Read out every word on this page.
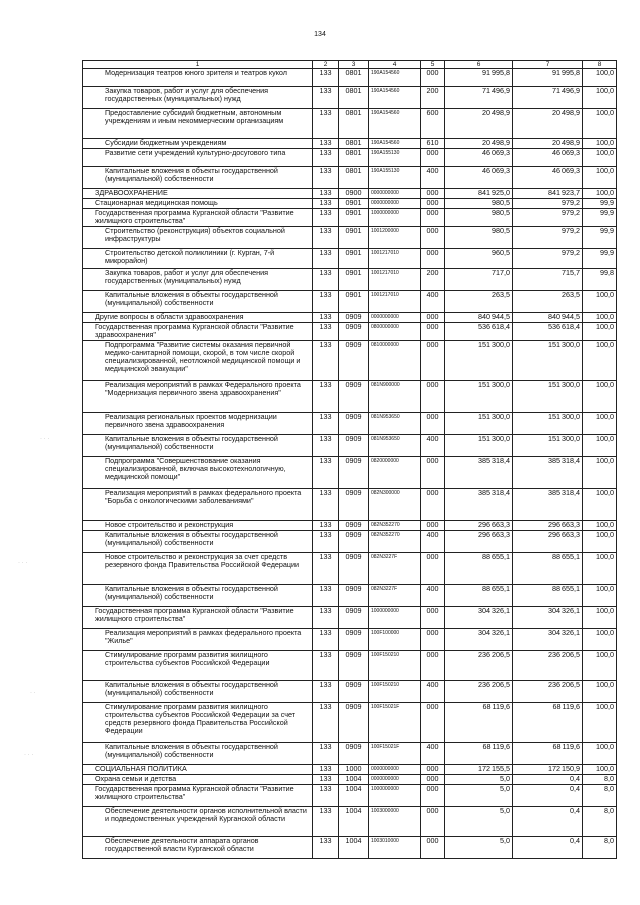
134
· · ·
· · ·
· ·
· · ·
1	2	3	4	5	6	7	8
Модернизация театров юного зрителя и театров кукол	133	0801	190A154560	000	91 995,8	91 995,8	100,0
Закупка товаров, работ и услуг для обеспечения государственных (муниципальных) нужд	133	0801	190A154560	200	71 496,9	71 496,9	100,0
Предоставление субсидий бюджетным, автономным учреждениям и иным некоммерческим организациям	133	0801	190A154560	600	20 498,9	20 498,9	100,0
Субсидии бюджетным учреждениям	133	0801	190A154560	610	20 498,9	20 498,9	100,0
Развитие сети учреждений культурно-досугового типа	133	0801	190A155130	000	46 069,3	46 069,3	100,0
Капитальные вложения в объекты государственной (муниципальной) собственности	133	0801	190A155130	400	46 069,3	46 069,3	100,0
ЗДРАВООХРАНЕНИЕ	133	0900	0000000000	000	841 925,0	841 923,7	100,0
Стационарная медицинская помощь	133	0901	0000000000	000	980,5	979,2	99,9
Государственная программа Курганской области "Развитие жилищного строительства"	133	0901	1000000000	000	980,5	979,2	99,9
Строительство (реконструкция) объектов социальной инфраструктуры	133	0901	1001200000	000	980,5	979,2	99,9
Строительство детской поликлиники (г. Курган, 7-й микрорайон)	133	0901	1001217010	000	960,5	979,2	99,9
Закупка товаров, работ и услуг для обеспечения государственных (муниципальных) нужд	133	0901	1001217010	200	717,0	715,7	99,8
Капитальные вложения в объекты государственной (муниципальной) собственности	133	0901	1001217010	400	263,5	263,5	100,0
Другие вопросы в области здравоохранения	133	0909	0000000000	000	840 944,5	840 944,5	100,0
Государственная программа Курганской области "Развитие здравоохранения"	133	0909	0800000000	000	536 618,4	536 618,4	100,0
Подпрограмма "Развитие системы оказания первичной медико-санитарной помощи, скорой, в том числе скорой специализированной, неотложной медицинской помощи и медицинской эвакуации"	133	0909	0810000000	000	151 300,0	151 300,0	100,0
Реализация мероприятий в рамках Федерального проекта "Модернизация первичного звена здравоохранения"	133	0909	081N900000	000	151 300,0	151 300,0	100,0
Реализация региональных проектов модернизации первичного звена здравоохранения	133	0909	081N953650	000	151 300,0	151 300,0	100,0
Капитальные вложения в объекты государственной (муниципальной) собственности	133	0909	081N953650	400	151 300,0	151 300,0	100,0
Подпрограмма "Совершенствование оказания специализированной, включая высокотехнологичную, медицинской помощи"	133	0909	0820000000	000	385 318,4	385 318,4	100,0
Реализация мероприятий в рамках федерального проекта "Борьба с онкологическими заболеваниями"	133	0909	082N300000	000	385 318,4	385 318,4	100,0
Новое строительство и реконструкция	133	0909	082N352270	000	296 663,3	296 663,3	100,0
Капитальные вложения в объекты государственной (муниципальной) собственности	133	0909	082N352270	400	296 663,3	296 663,3	100,0
Новое строительство и реконструкция за счет средств резервного фонда Правительства Российской Федерации	133	0909	082N3227F	000	88 655,1	88 655,1	100,0
Капитальные вложения в объекты государственной (муниципальной) собственности	133	0909	082N3227F	400	88 655,1	88 655,1	100,0
Государственная программа Курганской области "Развитие жилищного строительства"	133	0909	1000000000	000	304 326,1	304 326,1	100,0
Реализация мероприятий в рамках федерального проекта "Жилье"	133	0909	100F100000	000	304 326,1	304 326,1	100,0
Стимулирование программ развития жилищного строительства субъектов Российской Федерации	133	0909	100F150210	000	236 206,5	236 206,5	100,0
Капитальные вложения в объекты государственной (муниципальной) собственности	133	0909	100F150210	400	236 206,5	236 206,5	100,0
Стимулирование программ развития жилищного строительства субъектов Российской Федерации за счет средств резервного фонда Правительства Российской Федерации	133	0909	100F15021F	000	68 119,6	68 119,6	100,0
Капитальные вложения в объекты государственной (муниципальной) собственности	133	0909	100F15021F	400	68 119,6	68 119,6	100,0
СОЦИАЛЬНАЯ ПОЛИТИКА	133	1000	0000000000	000	172 155,5	172 150,9	100,0
Охрана семьи и детства	133	1004	0000000000	000	5,0	0,4	8,0
Государственная программа Курганской области "Развитие жилищного строительства"	133	1004	1000000000	000	5,0	0,4	8,0
Обеспечение деятельности органов исполнительной власти и подведомственных учреждений Курганской области	133	1004	1003000000	000	5,0	0,4	8,0
Обеспечение деятельности аппарата органов государственной власти Курганской области	133	1004	1003010000	000	5,0	0,4	8,0
